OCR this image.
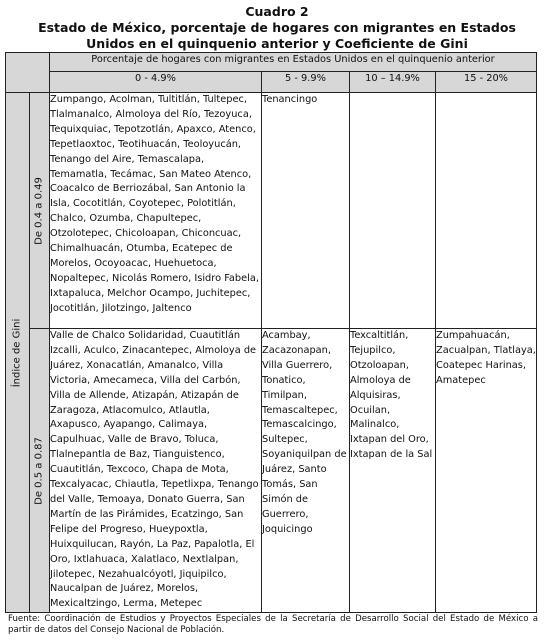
Cuadro 2
Estado de México, porcentaje de hogares con migrantes en Estados
Unidos en el quinquenio anterior y Coeficiente de Gini
		Porcentaje de hogares con migrantes en Estados Unidos en el quinquenio anterior			
		0 - 4.9%	5 - 9.9%	10 – 14.9%	15 - 20%

Índice de Gini	De 0.4 a 0.49	Zumpango, Acolman, Tultitlán, Tultepec, Tlalmanalco, Almoloya del Río, Tezoyuca, Tequixquiac, Tepotzotlán, Apaxco, Atenco, Tepetlaoxtoc, Teotihuacán, Teoloyucán, Tenango del Aire, Temascalapa, Temamatla, Tecámac, San Mateo Atenco, Coacalco de Berriozábal, San Antonio la Isla, Cocotitlán, Coyotepec, Polotitlán, Chalco, Ozumba, Chapultepec, Otzolotepec, Chicoloapan, Chiconcuac, Chimalhuacán, Otumba, Ecatepec de Morelos, Ocoyoacac, Huehuetoca, Nopaltepec, Nicolás Romero, Isidro Fabela, Ixtapaluca, Melchor Ocampo, Juchitepec, Jocotitlán, Jilotzingo, Jaltenco	Tenancingo		

	De 0.5 a 0.87	Valle de Chalco Solidaridad, Cuautitlán Izcalli, Aculco, Zinacantepec, Almoloya de Juárez, Xonacatlán, Amanalco, Villa Victoria, Amecameca, Villa del Carbón, Villa de Allende, Atizapán, Atizapán de Zaragoza, Atlacomulco, Atlautla, Axapusco, Ayapango, Calimaya, Capulhuac, Valle de Bravo, Toluca, Tlalnepantla de Baz, Tianguistenco, Cuautitlán, Texcoco, Chapa de Mota, Texcalyacac, Chiautla, Tepetlixpa, Tenango del Valle, Temoaya, Donato Guerra, San Martín de las Pirámides, Ecatzingo, San Felipe del Progreso, Hueypoxtla, Huixquilucan, Rayón, La Paz, Papalotla, El Oro, Ixtlahuaca, Xalatlaco, Nextlalpan, Jilotepec, Nezahualcóyotl, Jiquipilco, Naucalpan de Juárez, Morelos, Mexicaltzingo, Lerma, Metepec	Acambay, Zacazonapan, Villa Guerrero, Tonatico, Timilpan, Temascaltepec, Temascalcingo, Sultepec, Soyaniquilpan de Juárez, Santo Tomás, San Simón de Guerrero, Joquicingo	Texcaltitlán, Tejupilco, Otzoloapan, Almoloya de Alquisiras, Ocuilan, Malinalco, Ixtapan del Oro, Ixtapan de la Sal	Zumpahuacán, Zacualpan, Tlatlaya, Coatepec Harinas, Amatepec
Fuente: Coordinación de Estudios y Proyectos Especiales de la Secretaría de Desarrollo Social del Estado de México a partir de datos del Consejo Nacional de Población.
